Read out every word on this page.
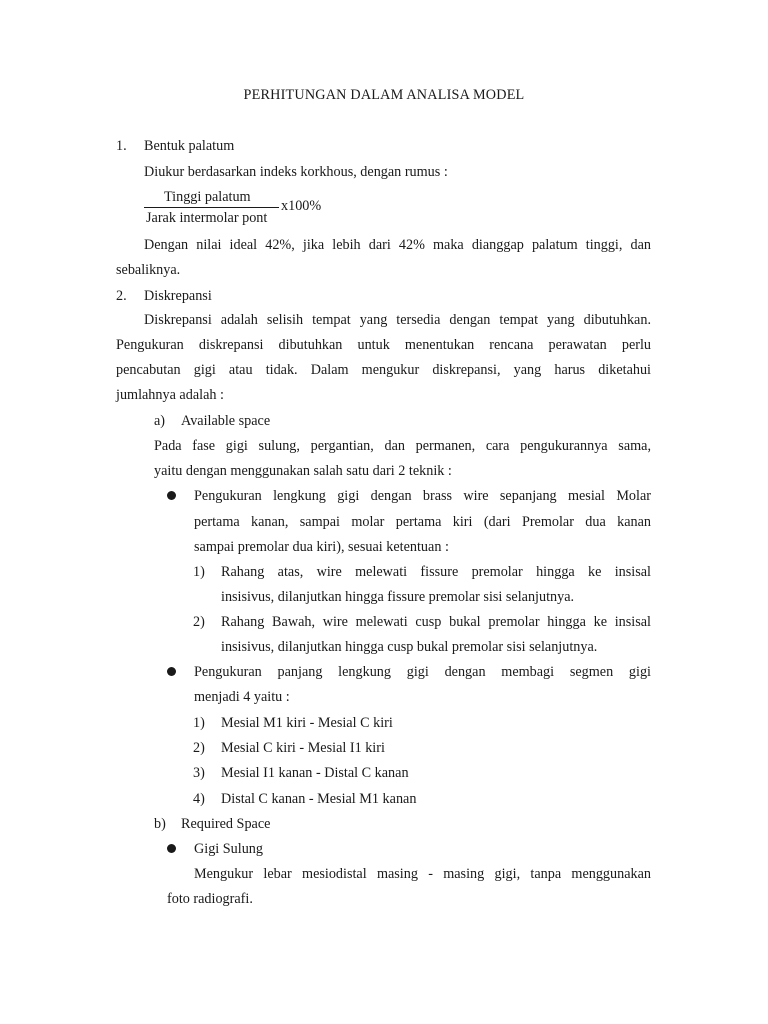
PERHITUNGAN DALAM ANALISA MODEL
1. Bentuk palatum
Diukur berdasarkan indeks korkhous, dengan rumus :
Tinggi palatum
Jarak intermolar pont
x100%
Dengan nilai ideal 42%, jika lebih dari 42% maka dianggap palatum tinggi, dan
sebaliknya.
2. Diskrepansi
Diskrepansi adalah selisih tempat yang tersedia dengan tempat yang dibutuhkan.
Pengukuran diskrepansi dibutuhkan untuk menentukan rencana perawatan perlu
pencabutan gigi atau tidak. Dalam mengukur diskrepansi, yang harus diketahui
jumlahnya adalah :
a) Available space
Pada fase gigi sulung, pergantian, dan permanen, cara pengukurannya sama,
yaitu dengan menggunakan salah satu dari 2 teknik :
Pengukuran lengkung gigi dengan brass wire sepanjang mesial Molar
pertama kanan, sampai molar pertama kiri (dari Premolar dua kanan
sampai premolar dua kiri), sesuai ketentuan :
1) Rahang atas, wire melewati fissure premolar hingga ke insisal
insisivus, dilanjutkan hingga fissure premolar sisi selanjutnya.
2) Rahang Bawah, wire melewati cusp bukal premolar hingga ke insisal
insisivus, dilanjutkan hingga cusp bukal premolar sisi selanjutnya.
Pengukuran panjang lengkung gigi dengan membagi segmen gigi
menjadi 4 yaitu :
1) Mesial M1 kiri - Mesial C kiri
2) Mesial C kiri - Mesial I1 kiri
3) Mesial I1 kanan - Distal C kanan
4) Distal C kanan - Mesial M1 kanan
b) Required Space
Gigi Sulung
Mengukur lebar mesiodistal masing - masing gigi, tanpa menggunakan
foto radiografi.
